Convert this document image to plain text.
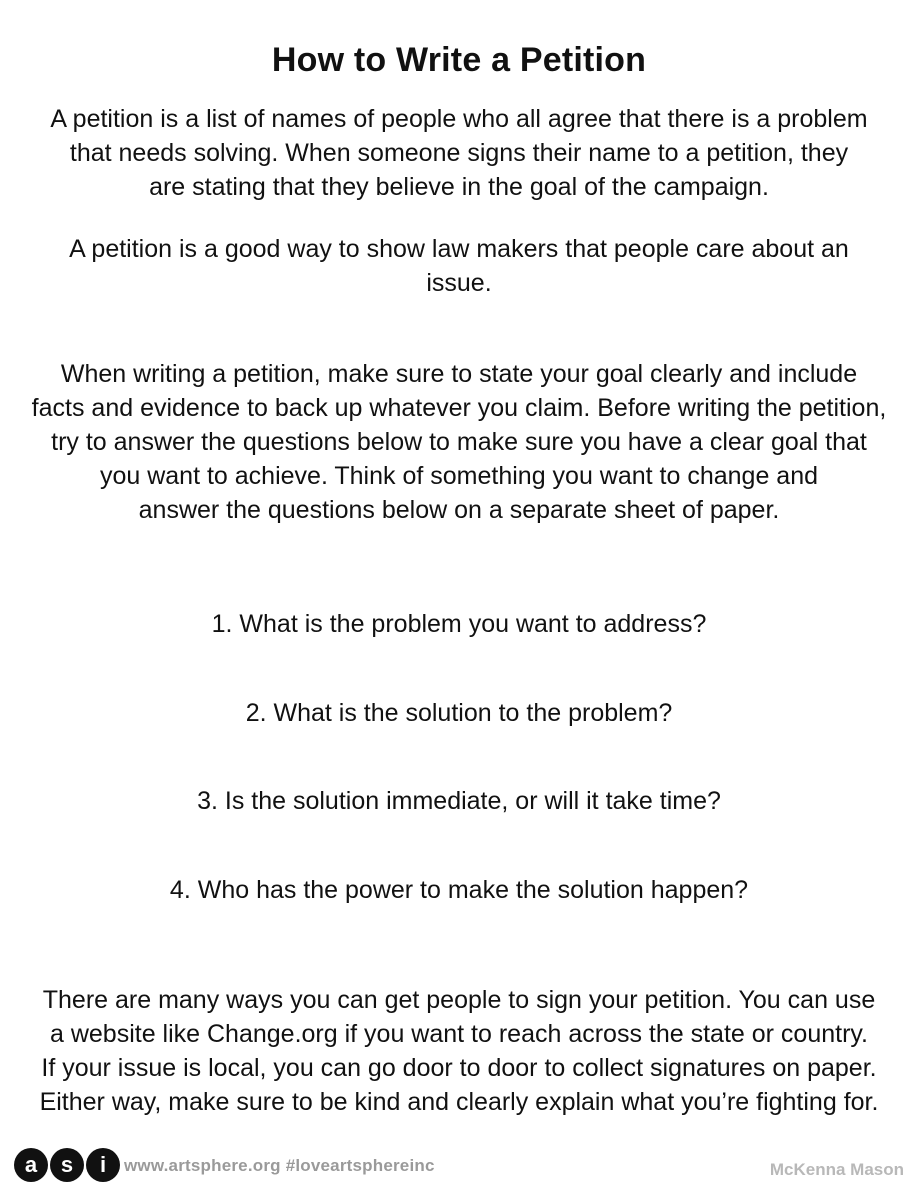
How to Write a Petition
A petition is a list of names of people who all agree that there is a problem
that needs solving. When someone signs their name to a petition, they
are stating that they believe in the goal of the campaign.
A petition is a good way to show law makers that people care about an
issue.
When writing a petition, make sure to state your goal clearly and include
facts and evidence to back up whatever you claim. Before writing the petition,
try to answer the questions below to make sure you have a clear goal that
you want to achieve. Think of something you want to change and
answer the questions below on a separate sheet of paper.
1. What is the problem you want to address?
2. What is the solution to the problem?
3. Is the solution immediate, or will it take time?
4. Who has the power to make the solution happen?
There are many ways you can get people to sign your petition. You can use
a website like Change.org if you want to reach across the state or country.
If your issue is local, you can go door to door to collect signatures on paper.
Either way, make sure to be kind and clearly explain what you’re fighting for.
a	s	i	www.artsphere.org #loveartsphereinc	McKenna Mason
